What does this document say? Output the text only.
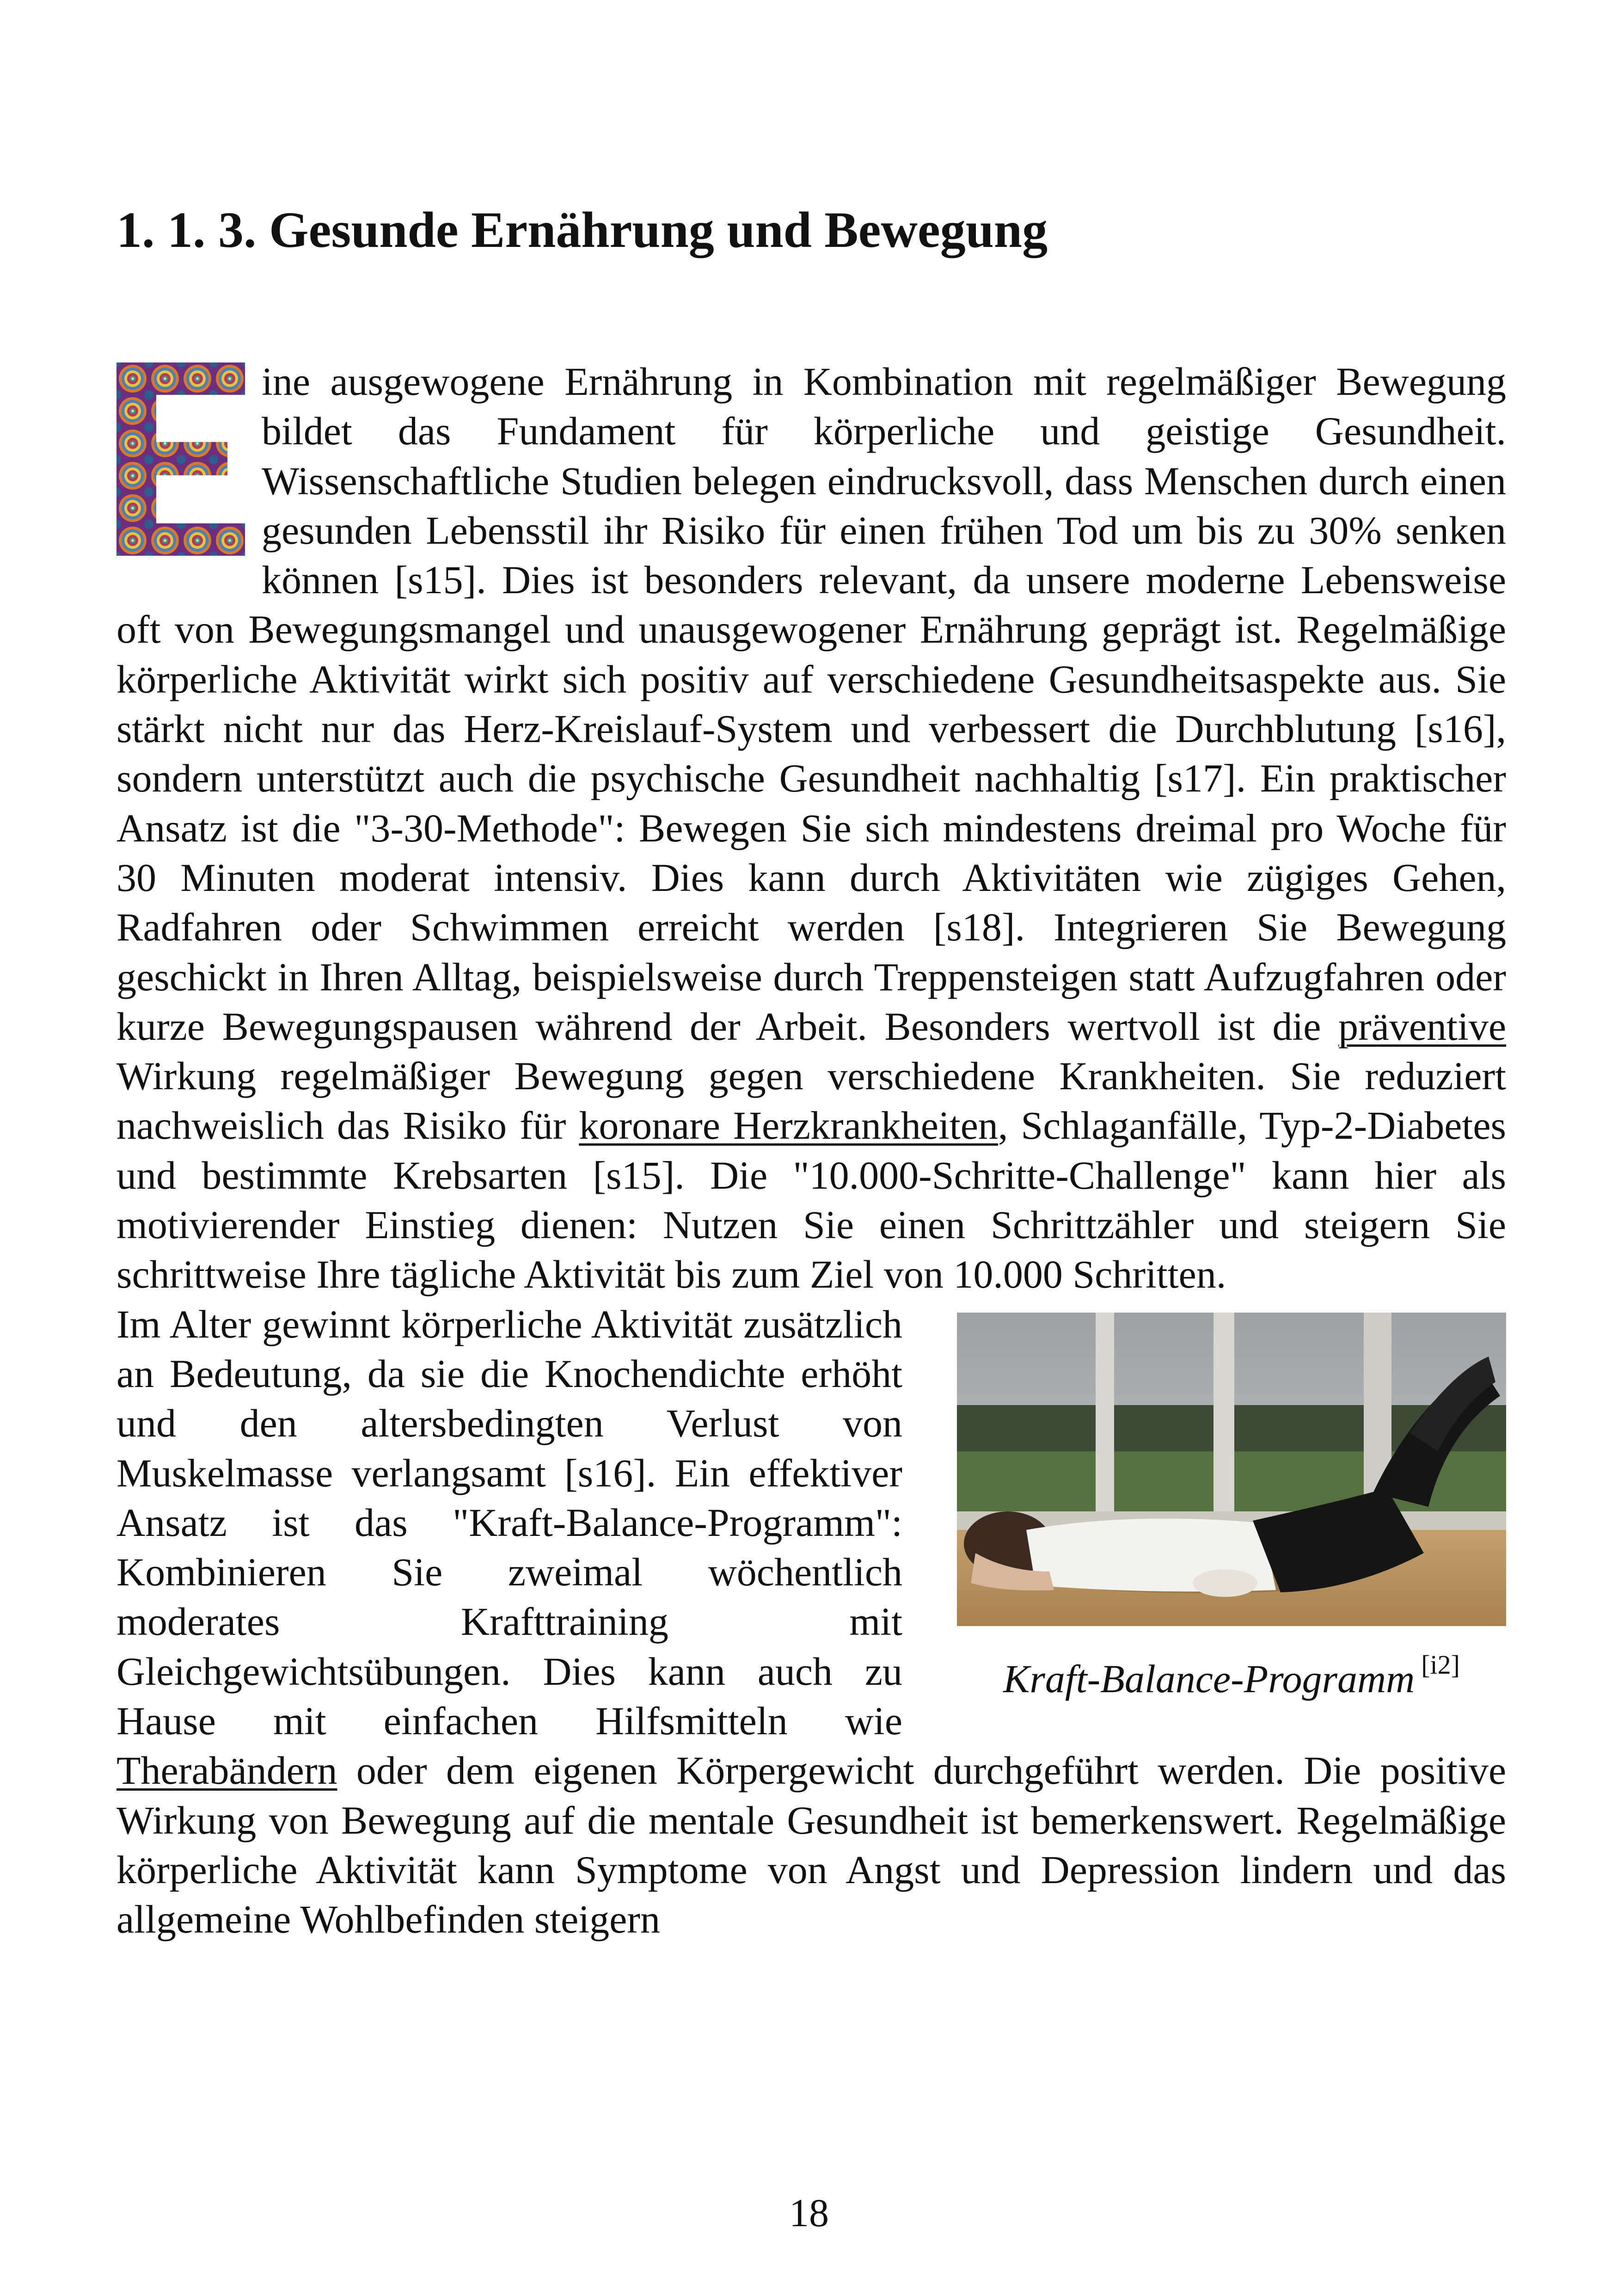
1. 1. 3. Gesunde Ernährung und Bewegung

ine ausgewogene Ernährung in Kombination mit regelmäßiger Bewegung bildet das Fundament für körperliche und geistige Gesundheit. Wissenschaftliche Studien belegen eindrucksvoll, dass Menschen durch einen gesunden Lebensstil ihr Risiko für einen frühen Tod um bis zu 30% senken können [s15]. Dies ist besonders relevant, da unsere moderne Lebensweise oft von Bewegungsmangel und unausgewogener Ernährung geprägt ist. Regelmäßige körperliche Aktivität wirkt sich positiv auf verschiedene Gesundheitsaspekte aus. Sie stärkt nicht nur das Herz-Kreislauf-System und verbessert die Durchblutung [s16], sondern unterstützt auch die psychische Gesundheit nachhaltig [s17]. Ein praktischer Ansatz ist die "3-30-Methode": Bewegen Sie sich mindestens dreimal pro Woche für 30 Minuten moderat intensiv. Dies kann durch Aktivitäten wie zügiges Gehen, Radfahren oder Schwimmen erreicht werden [s18]. Integrieren Sie Bewegung geschickt in Ihren Alltag, beispielsweise durch Treppensteigen statt Aufzugfahren oder kurze Bewegungspausen während der Arbeit. Besonders wertvoll ist die präventive Wirkung regelmäßiger Bewegung gegen verschiedene Krankheiten. Sie reduziert nachweislich das Risiko für koronare Herzkrankheiten, Schlaganfälle, Typ-2-Diabetes und bestimmte Krebsarten [s15]. Die "10.000-Schritte-Challenge" kann hier als motivierender Einstieg dienen: Nutzen Sie einen Schrittzähler und steigern Sie schrittweise Ihre tägliche Aktivität bis zum Ziel von 10.000 Schritten.

Kraft-Balance-Programm [i2]
Im Alter gewinnt körperliche Aktivität zusätzlich an Bedeutung, da sie die Knochendichte erhöht und den altersbedingten Verlust von Muskelmasse verlangsamt [s16]. Ein effektiver Ansatz ist das "Kraft-Balance-Programm": Kombinieren Sie zweimal wöchentlich moderates Krafttraining mit Gleichgewichtsübungen. Dies kann auch zu Hause mit einfachen Hilfsmitteln wie Therabändern oder dem eigenen Körpergewicht durchgeführt werden. Die positive Wirkung von Bewegung auf die mentale Gesundheit ist bemerkenswert. Regelmäßige körperliche Aktivität kann Symptome von Angst und Depression lindern und das allgemeine Wohlbefinden steigern

18
